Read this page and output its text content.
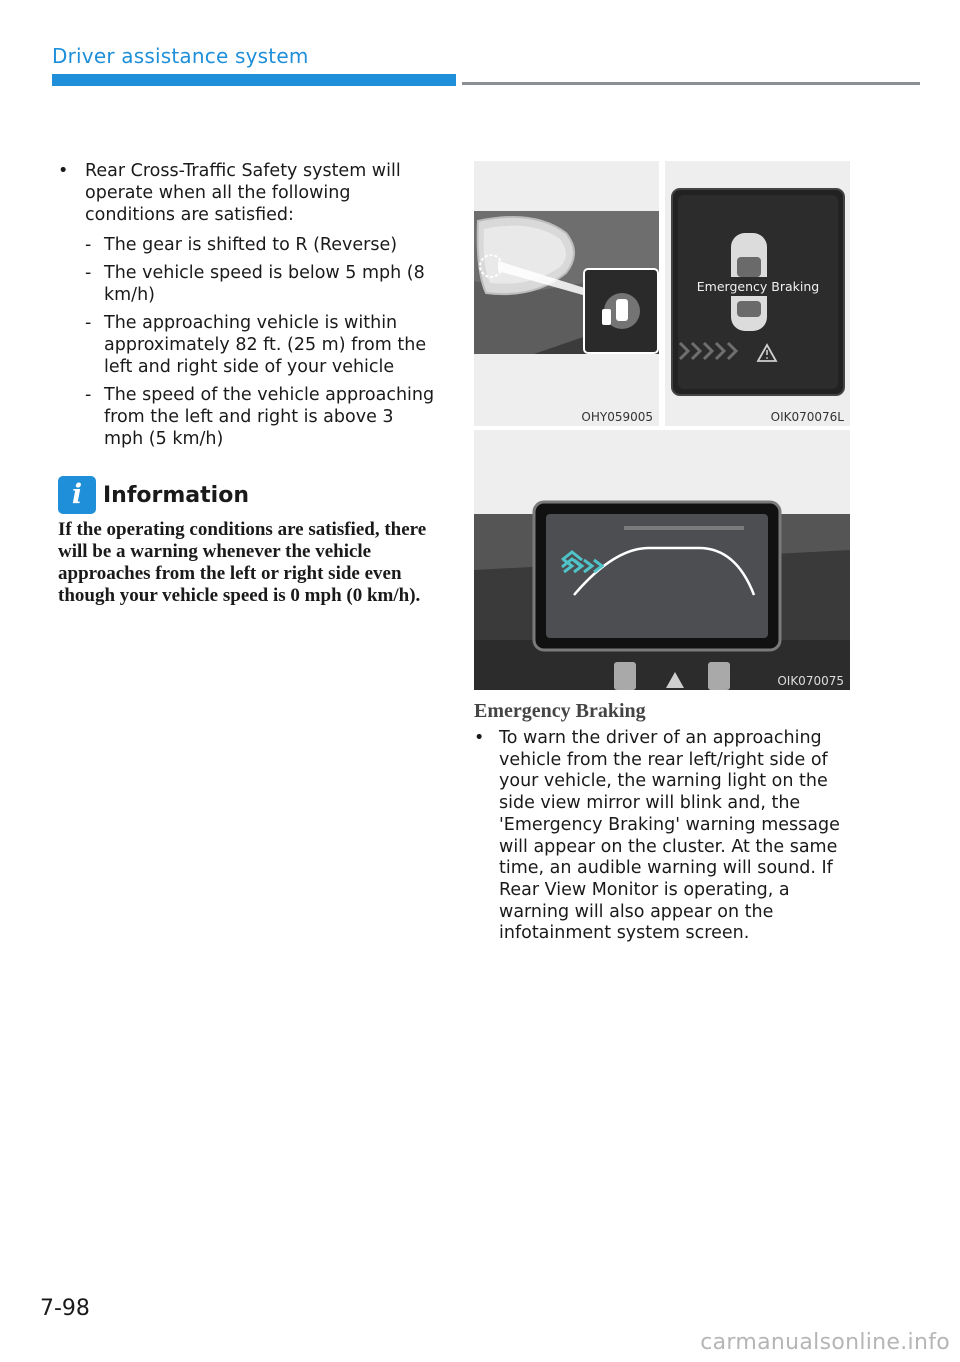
Driver assistance system
• Rear Cross-Traffic Safety system will operate when all the following conditions are satisfied:
- The gear is shifted to R (Reverse)
- The vehicle speed is below 5 mph (8 km/h)
- The approaching vehicle is within approximately 82 ft. (25 m) from the left and right side of your vehicle
- The speed of the vehicle approaching from the left and right is above 3 mph (5 km/h)
i Information
If the operating conditions are satisfied, there will be a warning whenever the vehicle approaches from the left or right side even though your vehicle speed is 0 mph (0 km/h).
OHY059005
Emergency Braking
OIK070076L
OIK070075
Emergency Braking
• To warn the driver of an approaching vehicle from the rear left/right side of your vehicle, the warning light on the side view mirror will blink and, the 'Emergency Braking' warning message will appear on the cluster. At the same time, an audible warning will sound. If Rear View Monitor is operating, a warning will also appear on the infotainment system screen.
7-98
carmanualsonline.info
